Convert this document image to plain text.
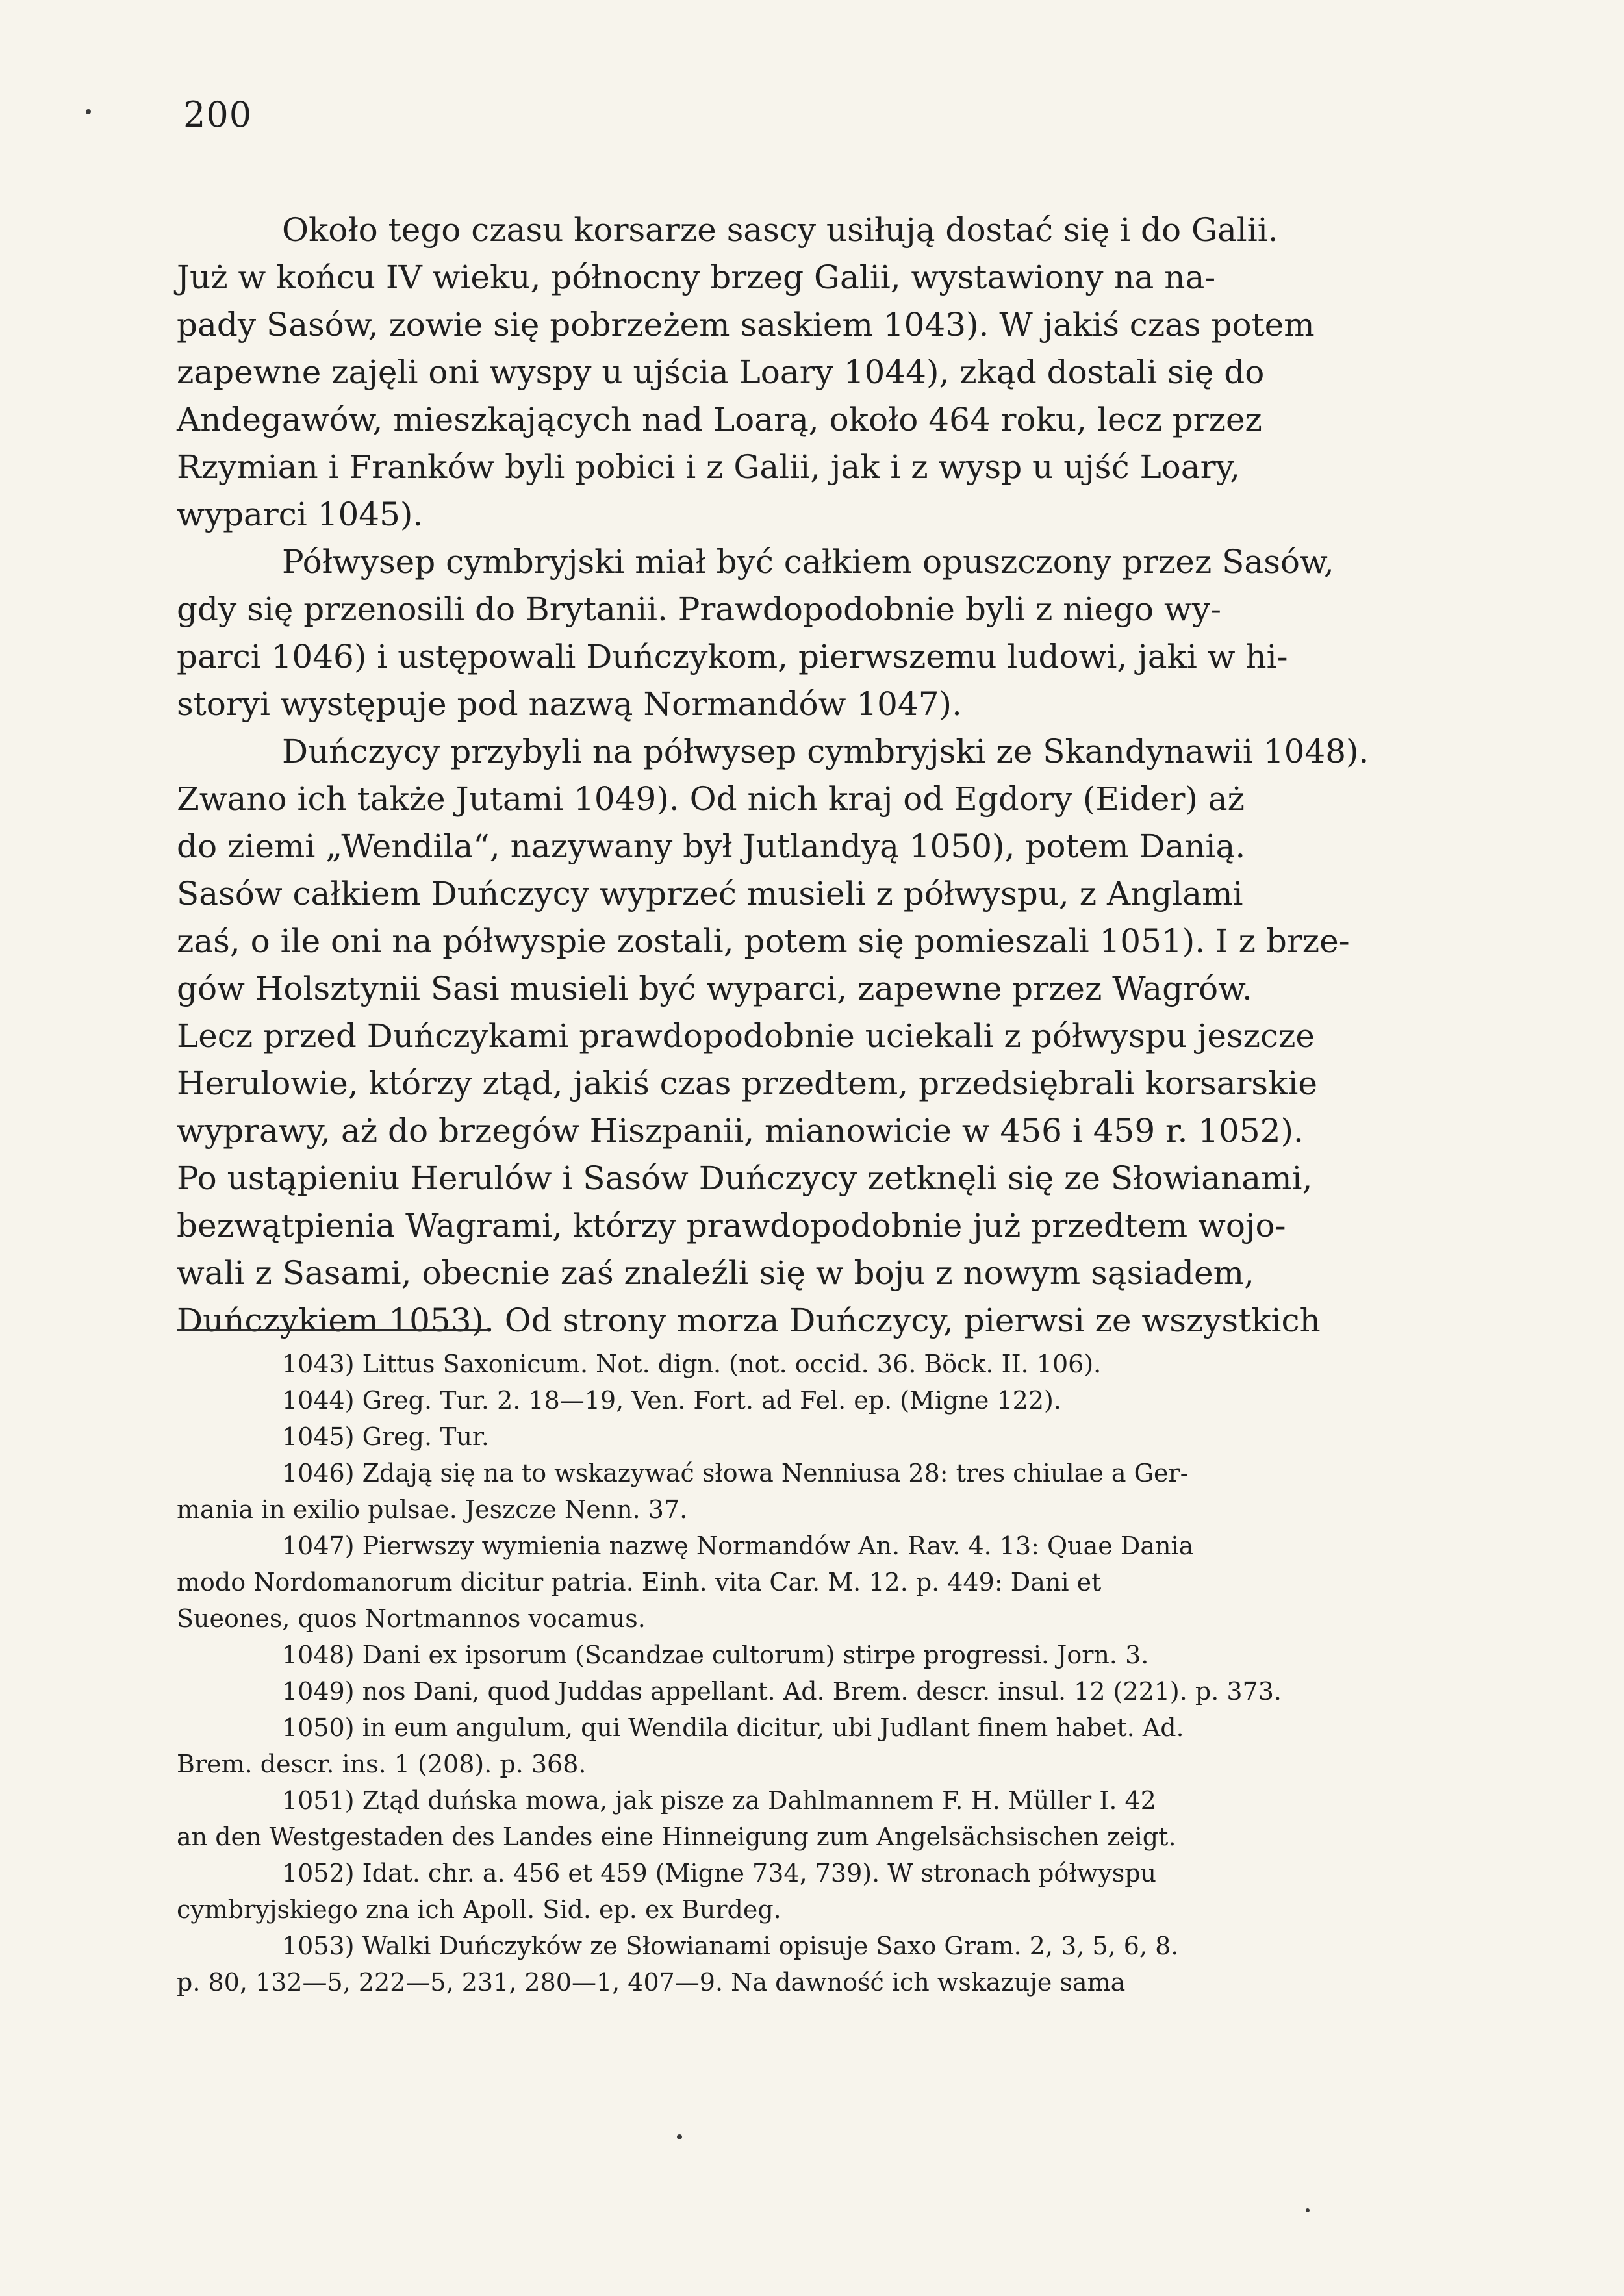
200
Około tego czasu korsarze sascy usiłują dostać się i do Galii.
Już w końcu IV wieku, północny brzeg Galii, wystawiony na na-
pady Sasów, zowie się pobrzeżem saskiem 1043). W jakiś czas potem
zapewne zajęli oni wyspy u ujścia Loary 1044), zkąd dostali się do
Andegawów, mieszkających nad Loarą, około 464 roku, lecz przez
Rzymian i Franków byli pobici i z Galii, jak i z wysp u ujść Loary,
wyparci 1045).
Półwysep cymbryjski miał być całkiem opuszczony przez Sasów,
gdy się przenosili do Brytanii. Prawdopodobnie byli z niego wy-
parci 1046) i ustępowali Duńczykom, pierwszemu ludowi, jaki w hi-
storyi występuje pod nazwą Normandów 1047).
Duńczycy przybyli na półwysep cymbryjski ze Skandynawii 1048).
Zwano ich także Jutami 1049). Od nich kraj od Egdory (Eider) aż
do ziemi „Wendila“, nazywany był Jutlandyą 1050), potem Danią.
Sasów całkiem Duńczycy wyprzeć musieli z półwyspu, z Anglami
zaś, o ile oni na półwyspie zostali, potem się pomieszali 1051). I z brze-
gów Holsztynii Sasi musieli być wyparci, zapewne przez Wagrów.
Lecz przed Duńczykami prawdopodobnie uciekali z półwyspu jeszcze
Herulowie, którzy ztąd, jakiś czas przedtem, przedsiębrali korsarskie
wyprawy, aż do brzegów Hiszpanii, mianowicie w 456 i 459 r. 1052).
Po ustąpieniu Herulów i Sasów Duńczycy zetknęli się ze Słowianami,
bezwątpienia Wagrami, którzy prawdopodobnie już przedtem wojo-
wali z Sasami, obecnie zaś znaleźli się w boju z nowym sąsiadem,
Duńczykiem 1053). Od strony morza Duńczycy, pierwsi ze wszystkich
1043) Littus Saxonicum. Not. dign. (not. occid. 36. Böck. II. 106).
1044) Greg. Tur. 2. 18—19, Ven. Fort. ad Fel. ep. (Migne 122).
1045) Greg. Tur.
1046) Zdają się na to wskazywać słowa Nenniusa 28: tres chiulae a Ger-
mania in exilio pulsae. Jeszcze Nenn. 37.
1047) Pierwszy wymienia nazwę Normandów An. Rav. 4. 13: Quae Dania
modo Nordomanorum dicitur patria. Einh. vita Car. M. 12. p. 449: Dani et
Sueones, quos Nortmannos vocamus.
1048) Dani ex ipsorum (Scandzae cultorum) stirpe progressi. Jorn. 3.
1049) nos Dani, quod Juddas appellant. Ad. Brem. descr. insul. 12 (221). p. 373.
1050) in eum angulum, qui Wendila dicitur, ubi Judlant finem habet. Ad.
Brem. descr. ins. 1 (208). p. 368.
1051) Ztąd duńska mowa, jak pisze za Dahlmannem F. H. Müller I. 42
an den Westgestaden des Landes eine Hinneigung zum Angelsächsischen zeigt.
1052) Idat. chr. a. 456 et 459 (Migne 734, 739). W stronach półwyspu
cymbryjskiego zna ich Apoll. Sid. ep. ex Burdeg.
1053) Walki Duńczyków ze Słowianami opisuje Saxo Gram. 2, 3, 5, 6, 8.
p. 80, 132—5, 222—5, 231, 280—1, 407—9. Na dawność ich wskazuje sama
